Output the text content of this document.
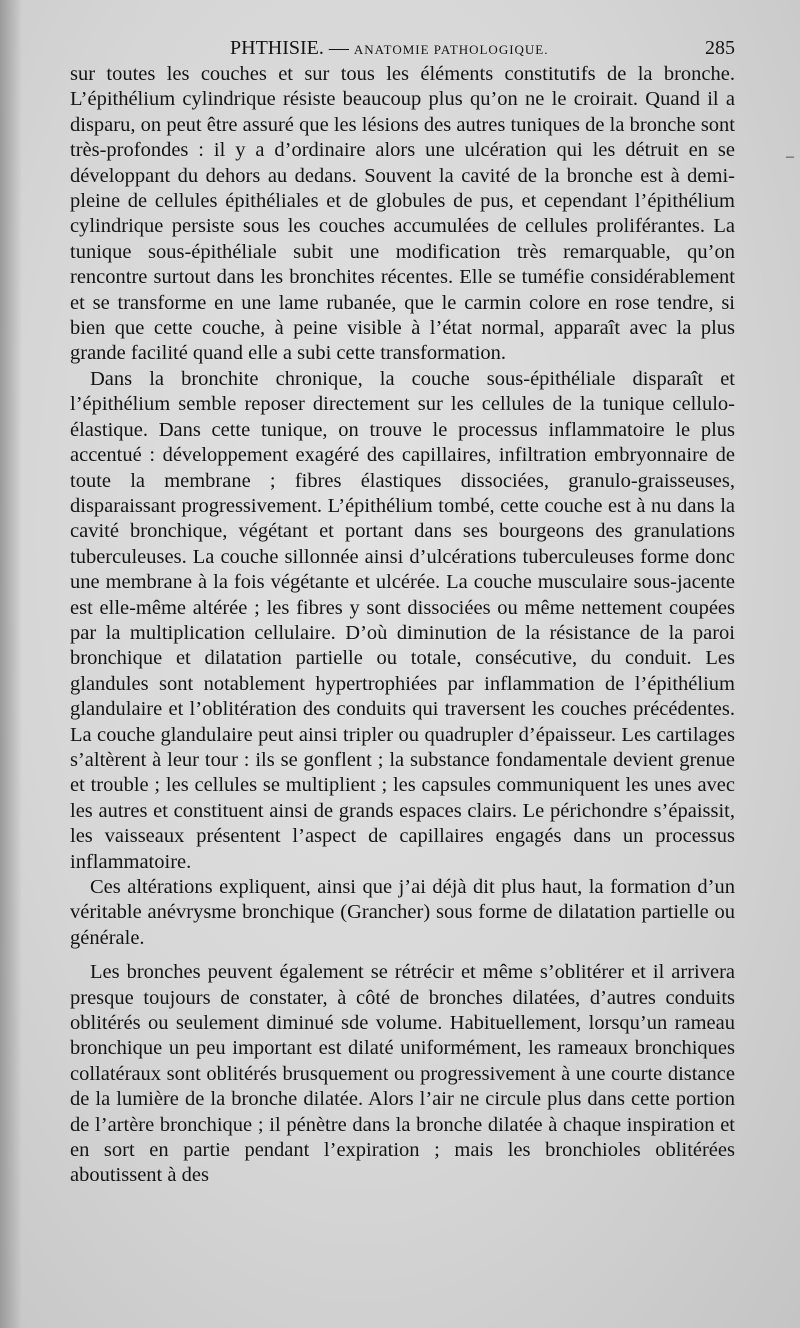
PHTHISIE. — ANATOMIE PATHOLOGIQUE.	285
–

sur toutes les couches et sur tous les éléments constitutifs de la bronche. L’épithélium cylindrique résiste beaucoup plus qu’on ne le croirait. Quand il a disparu, on peut être assuré que les lésions des autres tuniques de la bronche sont très-profondes : il y a d’ordinaire alors une ulcération qui les détruit en se développant du dehors au dedans. Souvent la cavité de la bronche est à demi-pleine de cellules épithéliales et de globules de pus, et cependant l’épithélium cylindrique persiste sous les couches accumulées de cellules proliférantes. La tunique sous-épithéliale subit une modification très remarquable, qu’on rencontre surtout dans les bronchites récentes. Elle se tuméfie considérablement et se transforme en une lame rubanée, que le carmin colore en rose tendre, si bien que cette couche, à peine visible à l’état normal, apparaît avec la plus grande facilité quand elle a subi cette transformation.

Dans la bronchite chronique, la couche sous-épithéliale disparaît et l’épithélium semble reposer directement sur les cellules de la tunique cellulo-élastique. Dans cette tunique, on trouve le processus inflammatoire le plus accentué : développement exagéré des capillaires, infiltration embryonnaire de toute la membrane ; fibres élastiques dissociées, granulo-graisseuses, disparaissant progressivement. L’épithélium tombé, cette couche est à nu dans la cavité bronchique, végétant et portant dans ses bourgeons des granulations tuberculeuses. La couche sillonnée ainsi d’ulcérations tuberculeuses forme donc une membrane à la fois végétante et ulcérée. La couche musculaire sous-jacente est elle-même altérée ; les fibres y sont dissociées ou même nettement coupées par la multiplication cellulaire. D’où diminution de la résistance de la paroi bronchique et dilatation partielle ou totale, consécutive, du conduit. Les glandules sont notablement hypertrophiées par inflammation de l’épithélium glandulaire et l’oblitération des conduits qui traversent les couches précédentes. La couche glandulaire peut ainsi tripler ou quadrupler d’épaisseur. Les cartilages s’altèrent à leur tour : ils se gonflent ; la substance fondamentale devient grenue et trouble ; les cellules se multiplient ; les capsules communiquent les unes avec les autres et constituent ainsi de grands espaces clairs. Le périchondre s’épaissit, les vaisseaux présentent l’aspect de capillaires engagés dans un processus inflammatoire.

Ces altérations expliquent, ainsi que j’ai déjà dit plus haut, la formation d’un véritable anévrysme bronchique (Grancher) sous forme de dilatation partielle ou générale.

Les bronches peuvent également se rétrécir et même s’oblitérer et il arrivera presque toujours de constater, à côté de bronches dilatées, d’autres conduits oblitérés ou seulement diminué sde volume. Habituellement, lorsqu’un rameau bronchique un peu important est dilaté uniformément, les rameaux bronchiques collatéraux sont oblitérés brusquement ou progressivement à une courte distance de la lumière de la bronche dilatée. Alors l’air ne circule plus dans cette portion de l’artère bronchique ; il pénètre dans la bronche dilatée à chaque inspiration et en sort en partie pendant l’expiration ; mais les bronchioles oblitérées aboutissent à des
